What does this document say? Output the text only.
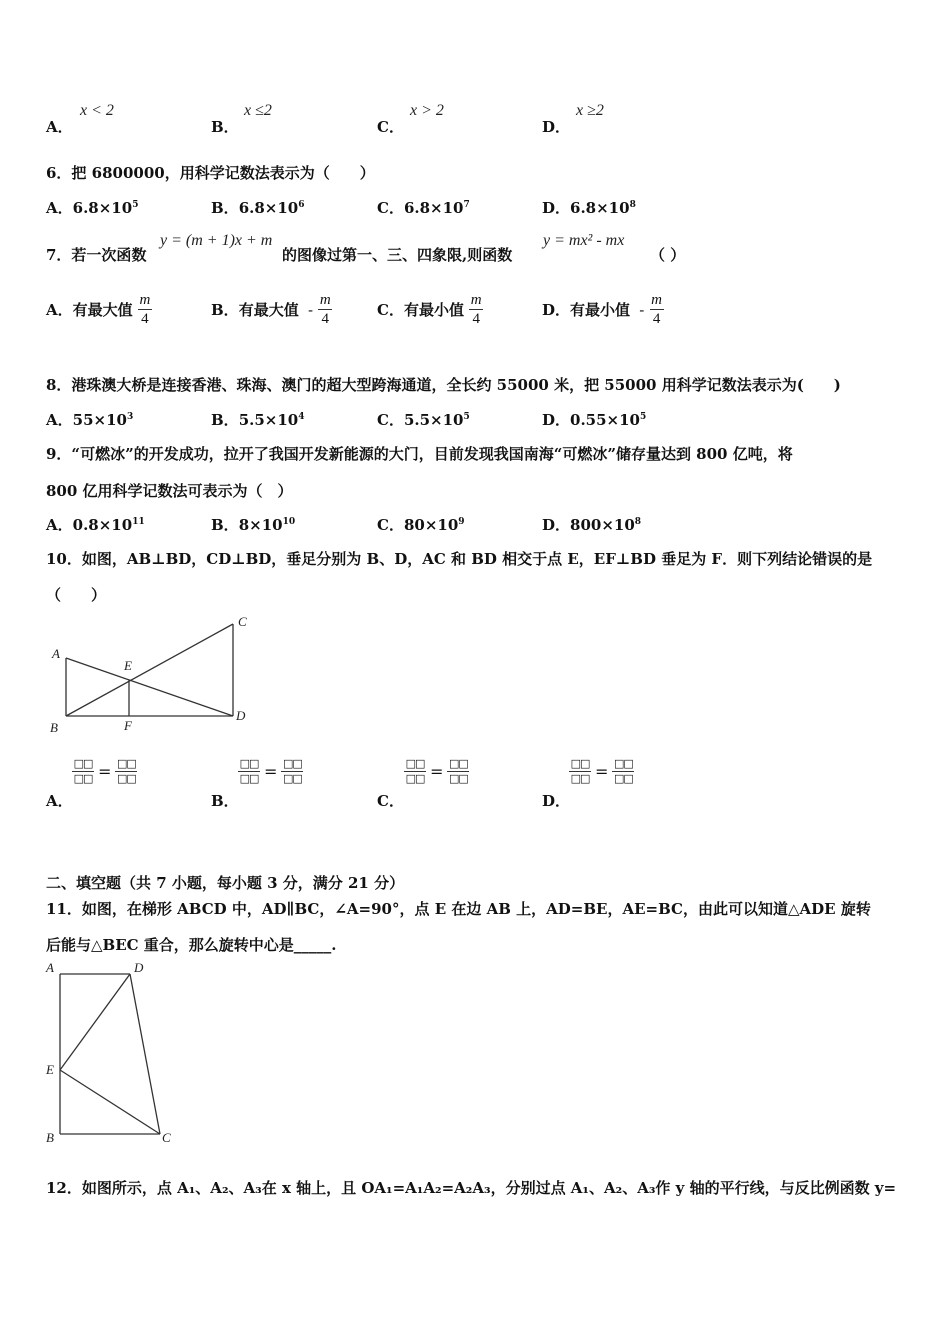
A．
x < 2
B．
x ≤2
C．
x > 2
D．
x ≥2
6．把 6800000，用科学记数法表示为（　　）
A．$6.8\times 10^5$	B．$6.8\times 10^6$	C．$6.8\times 10^7$	D．$6.8\times 10^8$
7．若一次函数
y = (m + 1)x + m
的图像过第一、三、四象限,则函数
y = mx² - mx
（ ）
A．有最大值 $\frac{m}{4}$	B．有最大值 - $\frac{m}{4}$	C．有最小值 $\frac{m}{4}$	D．有最小值 - $\frac{m}{4}$
8．港珠澳大桥是连接香港、珠海、澳门的超大型跨海通道，全长约 55000 米，把 55000 用科学记数法表示为(　　)
A．$55\times 10^3$	B．$5.5\times 10^4$	C．$5.5\times 10^5$	D．$0.55\times 10^5$
9．“可燃冰”的开发成功，拉开了我国开发新能源的大门，目前发现我国南海“可燃冰”储存量达到 800 亿吨，将
800 亿用科学记数法可表示为（　）
A．$0.8\times 10^{11}$	B．$8\times 10^{10}$	C．$80\times 10^9$	D．$800\times 10^8$
10．如图，AB⊥BD，CD⊥BD，垂足分别为 B、D，AC 和 BD 相交于点 E，EF⊥BD 垂足为 F．则下列结论错误的是
（　　）
A
B
C
D
E
F
□□
□□ = □□
□□
A．
□□
□□ = □□
□□
B．
□□
□□ = □□
□□
C．
□□
□□ = □□
□□
D．
二、填空题（共 7 小题，每小题 3 分，满分 21 分）
11．如图，在梯形 ABCD 中，AD∥BC，∠A=90°，点 E 在边 AB 上，AD=BE，AE=BC，由此可以知道△ADE 旋转
后能与△BEC 重合，那么旋转中心是_____.
A	D
E
B	C
12．如图所示，点 A₁、A₂、A₃在 x 轴上，且 OA₁=A₁A₂=A₂A₃，分别过点 A₁、A₂、A₃作 y 轴的平行线，与反比例函数 y=
